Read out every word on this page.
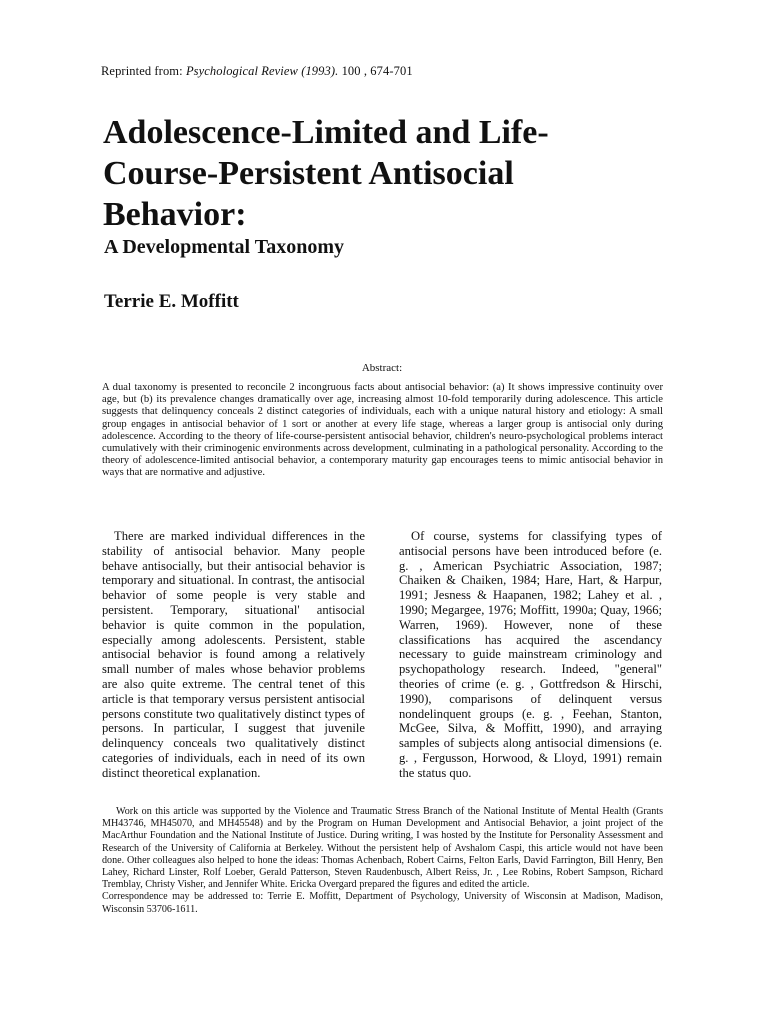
Reprinted from: Psychological Review (1993). 100 , 674-701
Adolescence-Limited and Life-Course-Persistent Antisocial Behavior:
A Developmental Taxonomy
Terrie E. Moffitt

Abstract:

A dual taxonomy is presented to reconcile 2 incongruous facts about antisocial behavior: (a) It shows impressive continuity over age, but (b) its prevalence changes dramatically over age, increasing almost 10-fold temporarily during adolescence. This article suggests that delinquency conceals 2 distinct categories of individuals, each with a unique natural history and etiology: A small group engages in antisocial behavior of 1 sort or another at every life stage, whereas a larger group is antisocial only during adolescence. According to the theory of life-course-persistent antisocial behavior, children's neuro-psychological problems interact cumulatively with their criminogenic environments across development, culminating in a pathological personality. According to the theory of adolescence-limited antisocial behavior, a contemporary maturity gap encourages teens to mimic antisocial behavior in ways that are normative and adjustive.

There are marked individual differences in the stability of antisocial behavior. Many people behave antisocially, but their antisocial behavior is temporary and situational. In contrast, the antisocial behavior of some people is very stable and persistent. Temporary, situational' antisocial behavior is quite common in the population, especially among adolescents. Persistent, stable antisocial behavior is found among a relatively small number of males whose behavior problems are also quite extreme. The central tenet of this article is that temporary versus persistent antisocial persons constitute two qualitatively distinct types of persons. In particular, I suggest that juvenile delinquency conceals two qualitatively distinct categories of individuals, each in need of its own distinct theoretical explanation.

Of course, systems for classifying types of antisocial persons have been introduced before (e. g. , American Psychiatric Association, 1987; Chaiken & Chaiken, 1984; Hare, Hart, & Harpur, 1991; Jesness & Haapanen, 1982; Lahey et al. , 1990; Megargee, 1976; Moffitt, 1990a; Quay, 1966; Warren, 1969). However, none of these classifications has acquired the ascendancy necessary to guide mainstream criminology and psychopathology research. Indeed, "general" theories of crime (e. g. , Gottfredson & Hirschi, 1990), comparisons of delinquent versus nondelinquent groups (e. g. , Feehan, Stanton, McGee, Silva, & Moffitt, 1990), and arraying samples of subjects along antisocial dimensions (e. g. , Fergusson, Horwood, & Lloyd, 1991) remain the status quo.

Work on this article was supported by the Violence and Traumatic Stress Branch of the National Institute of Mental Health (Grants MH43746, MH45070, and MH45548) and by the Program on Human Development and Antisocial Behavior, a joint project of the MacArthur Foundation and the National Institute of Justice. During writing, I was hosted by the Institute for Personality Assessment and Research of the University of California at Berkeley. Without the persistent help of Avshalom Caspi, this article would not have been done. Other colleagues also helped to hone the ideas: Thomas Achenbach, Robert Cairns, Felton Earls, David Farrington, Bill Henry, Ben Lahey, Richard Linster, Rolf Loeber, Gerald Patterson, Steven Raudenbusch, Albert Reiss, Jr. , Lee Robins, Robert Sampson, Richard Tremblay, Christy Visher, and Jennifer White. Ericka Overgard prepared the figures and edited the article.

Correspondence may be addressed to: Terrie E. Moffitt, Department of Psychology, University of Wisconsin at Madison, Madison, Wisconsin 53706-1611.
